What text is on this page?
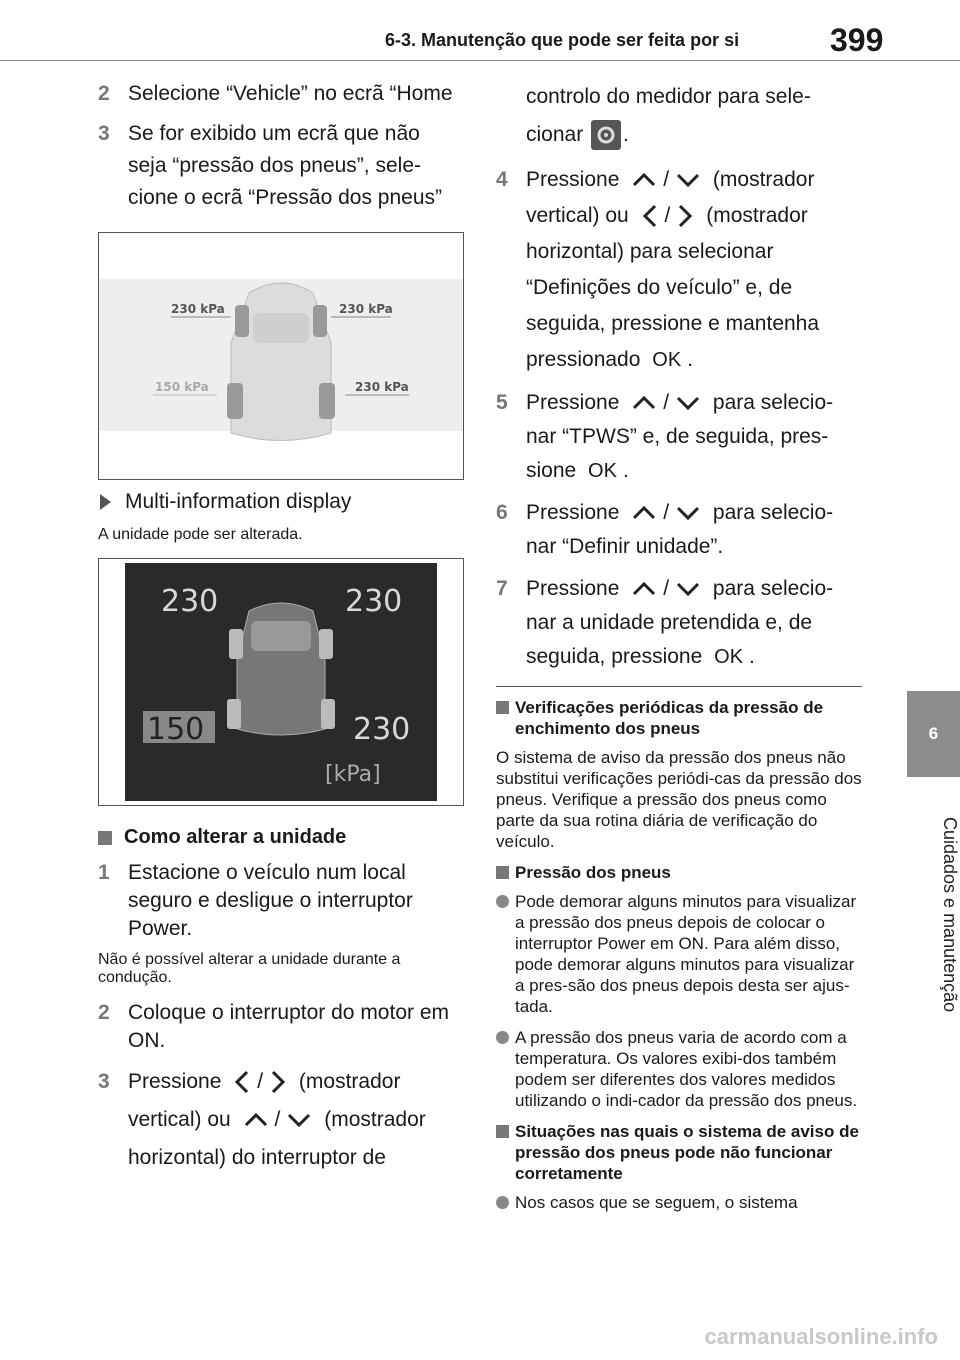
6-3. Manutenção que pode ser feita por si	399
6
Cuidados e manutenção
2 Selecione “Vehicle” no ecrã “Home
3 Se for exibido um ecrã que não seja “pressão dos pneus”, sele-cione o ecrã “Pressão dos pneus”
230 kPa	230 kPa
150 kPa	230 kPa
Multi-information display
A unidade pode ser alterada.
230	230
150	230
[kPa]
Como alterar a unidade
1 Estacione o veículo num local seguro e desligue o interruptor Power.
Não é possível alterar a unidade durante a condução.
2 Coloque o interruptor do motor em ON.
3 Pressione / (mostrador vertical) ou / (mostrador horizontal) do interruptor de
controlo do medidor para sele-cionar .
4 Pressione / (mostrador vertical) ou / (mostrador horizontal) para selecionar “Definições do veículo” e, de seguida, pressione e mantenha pressionado OK .
5 Pressione / para selecio-nar “TPWS” e, de seguida, pres-sione OK .
6 Pressione / para selecio-nar “Definir unidade”.
7 Pressione / para selecio-nar a unidade pretendida e, de seguida, pressione OK .
Verificações periódicas da pressão de enchimento dos pneus
O sistema de aviso da pressão dos pneus não substitui verificações periódi-cas da pressão dos pneus. Verifique a pressão dos pneus como parte da sua rotina diária de verificação do veículo.
Pressão dos pneus
Pode demorar alguns minutos para visualizar a pressão dos pneus depois de colocar o interruptor Power em ON. Para além disso, pode demorar alguns minutos para visualizar a pres-são dos pneus depois desta ser ajus-tada.
A pressão dos pneus varia de acordo com a temperatura. Os valores exibi-dos também podem ser diferentes dos valores medidos utilizando o indi-cador da pressão dos pneus.
Situações nas quais o sistema de aviso de pressão dos pneus pode não funcionar corretamente
Nos casos que se seguem, o sistema
carmanualsonline.info
